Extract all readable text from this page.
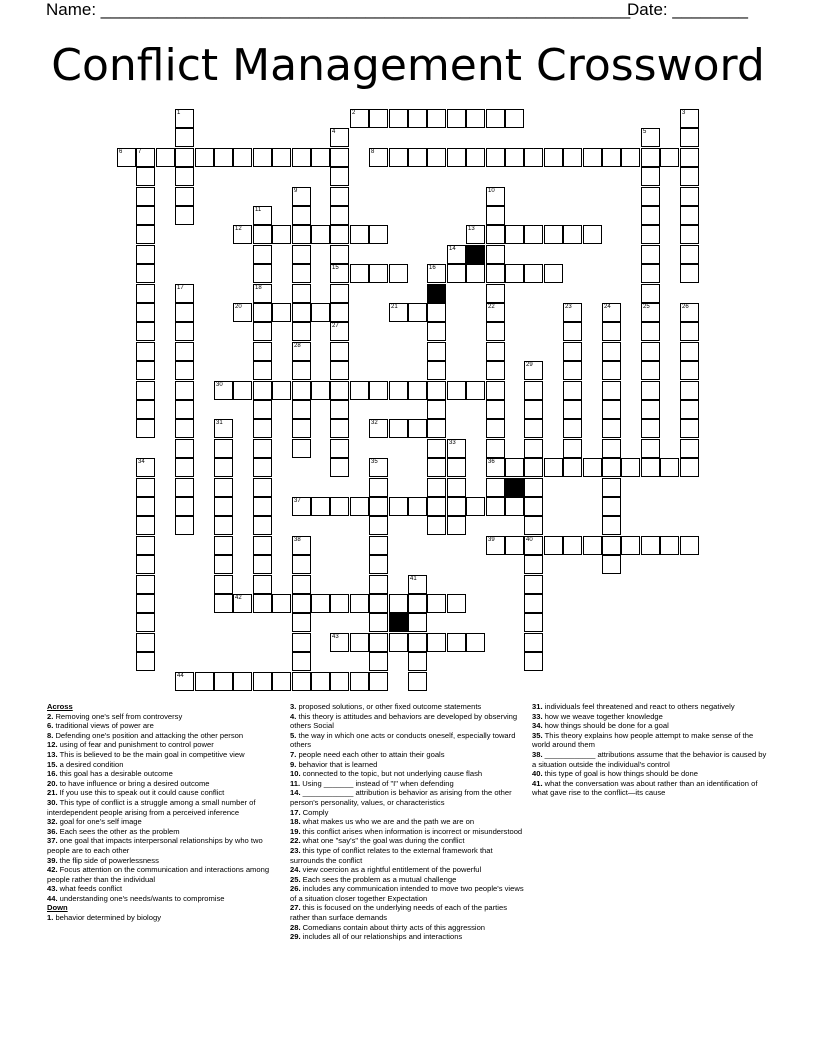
Name: ________________________________________________________
Date: ________
Conflict Management Crossword
2
6	7	8
12	13
15	16
20	21
30
32
36
37
39	40
42
43
44
1	3
4
27
5
9
28
10
11
14
17	18
22	23	24	25	26
29
31
33
34	35
38
41
Across
2. Removing one's self from controversy
6. traditional views of power are
8. Defending one's position and attacking the other person
12. using of fear and punishment to control power
13. This is believed to be the main goal in competitive view
15. a desired condition
16. this goal has a desirable outcome
20. to have influence or bring a desired outcome
21. If you use this to speak out it could cause conflict
30. This type of conflict is a struggle among a small number of interdependent people arising from a perceived inference
32. goal for one's self image
36. Each sees the other as the problem
37. one goal that impacts interpersonal relationships by who two people are to each other
39. the flip side of powerlessness
42. Focus attention on the communication and interactions among people rather than the individual
43. what feeds conflict
44. understanding one's needs/wants to compromise
Down
1. behavior determined by biology
3. proposed solutions, or other fixed outcome statements
4. this theory is attitudes and behaviors are developed by observing others Social
5. the way in which one acts or conducts oneself, especially toward others
7. people need each other to attain their goals
9. behavior that is learned
10. connected to the topic, but not underlying cause flash
11. Using _______ instead of "I" when defending
14. ____________ attribution is behavior as arising from the other person's personality, values, or characteristics
17. Comply
18. what makes us who we are and the path we are on
19. this conflict arises when information is incorrect or misunderstood
22. what one "say's" the goal was during the conflict
23. this type of conflict relates to the external framework that surrounds the conflict
24. view coercion as a rightful entitlement of the powerful
25. Each sees the problem as a mutual challenge
26. includes any communication intended to move two people's views of a situation closer together Expectation
27. this is focused on the underlying needs of each of the parties rather than surface demands
28. Comedians contain about thirty acts of this aggression
29. includes all of our relationships and interactions
31. individuals feel threatened and react to others negatively
33. how we weave together knowledge
34. how things should be done for a goal
35. This theory explains how people attempt to make sense of the world around them
38. ____________ attributions assume that the behavior is caused by a situation outside the individual's control
40. this type of goal is how things should be done
41. what the conversation was about rather than an identification of what gave rise to the conflict—its cause
